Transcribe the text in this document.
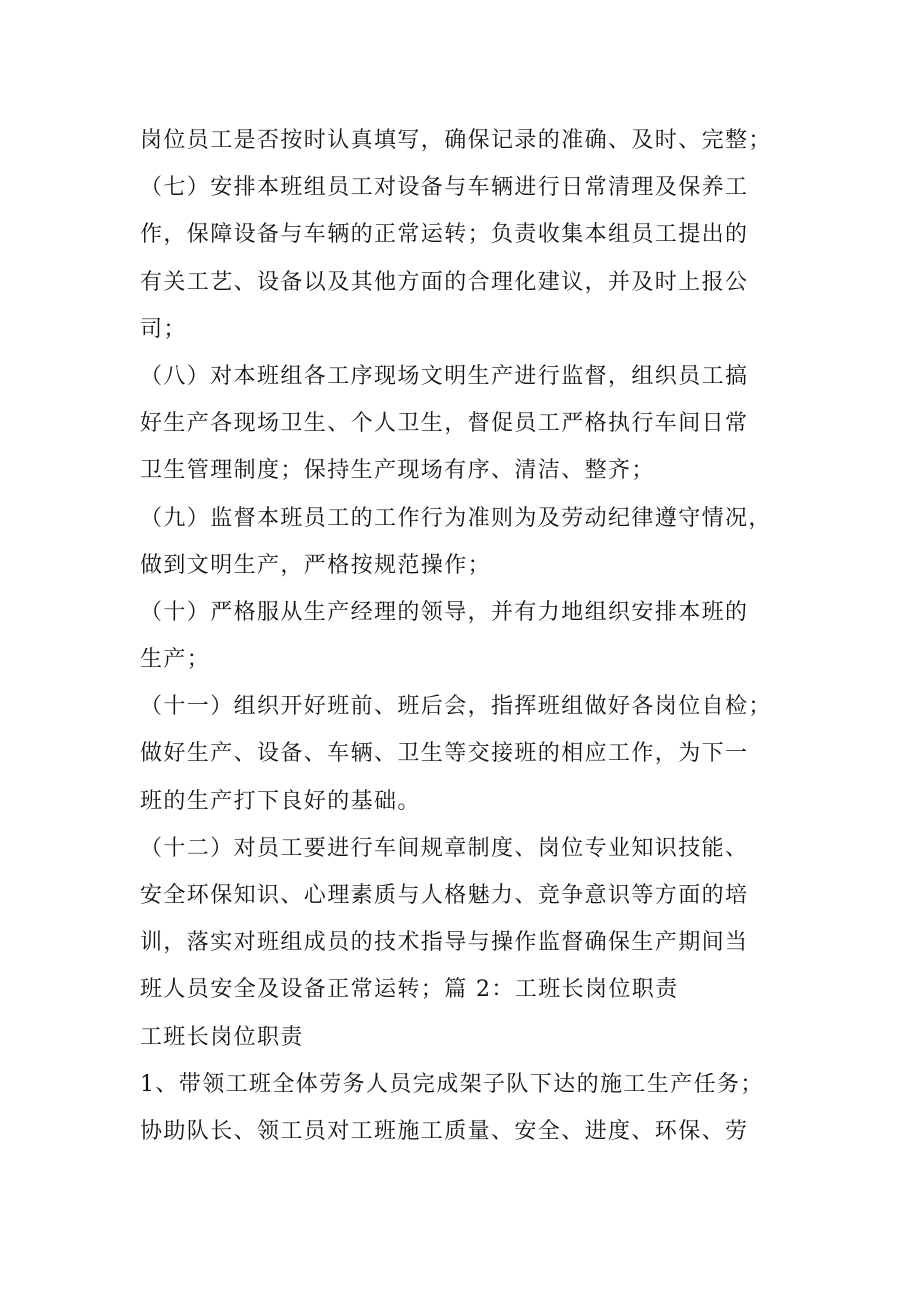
岗位员工是否按时认真填写，确保记录的准确、及时、完整；
（七）安排本班组员工对设备与车辆进行日常清理及保养工
作，保障设备与车辆的正常运转；负责收集本组员工提出的
有关工艺、设备以及其他方面的合理化建议，并及时上报公
司；
（八）对本班组各工序现场文明生产进行监督，组织员工搞
好生产各现场卫生、个人卫生，督促员工严格执行车间日常
卫生管理制度；保持生产现场有序、清洁、整齐；
（九）监督本班员工的工作行为准则为及劳动纪律遵守情况，
做到文明生产，严格按规范操作；
（十）严格服从生产经理的领导，并有力地组织安排本班的
生产；
（十一）组织开好班前、班后会，指挥班组做好各岗位自检；
做好生产、设备、车辆、卫生等交接班的相应工作，为下一
班的生产打下良好的基础。
（十二）对员工要进行车间规章制度、岗位专业知识技能、
安全环保知识、心理素质与人格魅力、竞争意识等方面的培
训，落实对班组成员的技术指导与操作监督确保生产期间当
班人员安全及设备正常运转；篇 2：工班长岗位职责
工班长岗位职责
1、带领工班全体劳务人员完成架子队下达的施工生产任务；
协助队长、领工员对工班施工质量、安全、进度、环保、劳
